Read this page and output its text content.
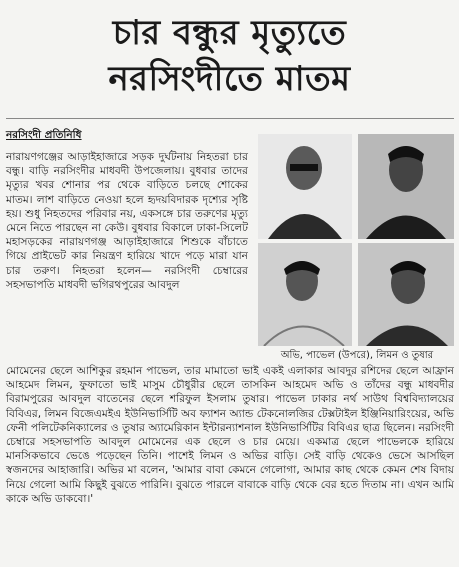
চার বন্ধুর মৃত্যুতে
নরসিংদীতে মাতম
নরসিংদী প্রতিনিধি
নারায়ণগঞ্জের আড়াইহাজারে সড়ক দুর্ঘটনায় নিহতরা চার বন্ধু। বাড়ি নরসিংদীর মাধবদী উপজেলায়। বুধবার তাদের মৃত্যুর খবর শোনার পর থেকে বাড়িতে চলছে শোকের মাতম। লাশ বাড়িতে নেওয়া হলে হৃদয়বিদারক দৃশ্যের সৃষ্টি হয়। শুধু নিহতদের পরিবার নয়, একসঙ্গে চার তরুণের মৃত্যু মেনে নিতে পারছেন না কেউ। বুধবার বিকালে ঢাকা-সিলেট মহাসড়কের নারায়ণগঞ্জ আড়াইহাজারে শিশুকে বাঁচাতে গিয়ে প্রাইভেট কার নিয়ন্ত্রণ হারিয়ে খাদে পড়ে মারা যান চার তরুণ। নিহতরা হলেন— নরসিংদী চেম্বারের সহসভাপতি মাধবদী ভগিরথপুরের আবদুল
অভি, পাভেল (উপরে), লিমন ও তুষার
মোমেনের ছেলে আশিকুর রহমান পাভেল, তার মামাতো ভাই একই এলাকার আবদুর রশিদের ছেলে আফ্রান আহমেদ লিমন, ফুফাতো ভাই মাসুম চৌধুরীর ছেলে তাসকিন আহমেদ অভি ও তাঁদের বন্ধু মাধবদীর বিরামপুরের আবদুল বাতেনের ছেলে শরিফুল ইসলাম তুষার। পাভেল ঢাকার নর্থ সাউথ বিশ্ববিদ্যালয়ের বিবিএর, লিমন বিজেএমইএ ইউনিভার্সিটি অব ফ্যাশন অ্যান্ড টেকনোলজির টেক্সটাইল ইঞ্জিনিয়ারিংয়ের, অভি ফেনী পলিটেকনিক্যালের ও তুষার অ্যামেরিকান ইন্টারন্যাশনাল ইউনিভার্সিটির বিবিএর ছাত্র ছিলেন। নরসিংদী চেম্বারে সহসভাপতি আবদুল মোমেনের এক ছেলে ও চার মেয়ে। একমাত্র ছেলে পাভেলকে হারিয়ে মানসিকভাবে ভেঙে পড়েছেন তিনি। পাশেই লিমন ও অভির বাড়ি। সেই বাড়ি থেকেও ভেসে আসছিল স্বজনদের আহাজারি। অভির মা বলেন, 'আমার বাবা কেমনে গেলোগা, আমার কাছ থেকে কেমন শেষ বিদায় নিয়ে গেলো আমি কিছুই বুঝতে পারিনি। বুঝতে পারলে বাবাকে বাড়ি থেকে বের হতে দিতাম না। এখন আমি কাকে অভি ডাকবো।'
